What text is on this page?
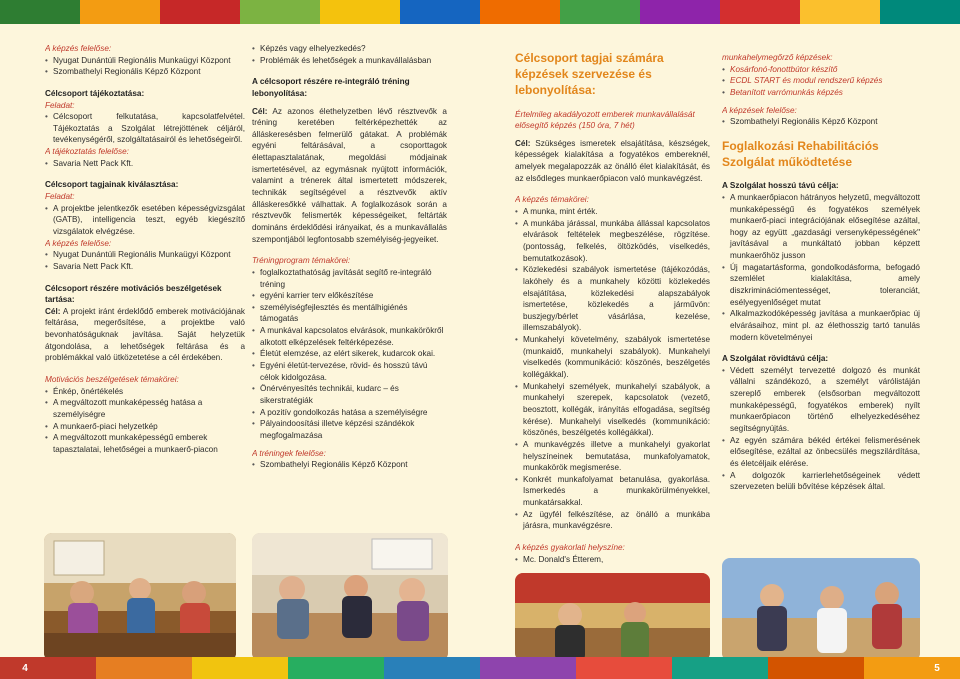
A képzés felelőse:
• Nyugat Dunántúli Regionális Munkaügyi Központ
• Szombathelyi Regionális Képző Központ
Célcsoport tájékoztatása:
Feladat:
• Célcsoport felkutatása, kapcsolatfelvétel. Tájékoztatás a Szolgálat létrejöttének céljáról, tevékenységéről, szolgáltatásairól és lehetőségeiről.
A tájékoztatás felelőse:
• Savaria Nett Pack Kft.
Célcsoport tagjainak kiválasztása:
Feladat:
• A projektbe jelentkezők esetében képességvizsgálat (GATB), intelligencia teszt, egyéb kiegészítő vizsgálatok elvégzése.
A képzés felelőse:
• Nyugat Dunántúli Regionális Munkaügyi Központ
• Savaria Nett Pack Kft.
Célcsoport részére motivációs beszélgetések tartása:

Cél: A projekt iránt érdeklődő emberek motivációjának feltárása, megerősítése, a projektbe való bevonhatóságuknak javítása. Saját helyzetük átgondolása, a lehetőségek feltárása és a problémákkal való ütközetetése a cél érdekében.

Motivációs beszélgetések témakörei:
• Énkép, önértékelés
• A megváltozott munkaképesség hatása a személyiségre
• A munkaerő-piaci helyzetkép
• A megváltozott munkaképességű emberek tapasztalatai, lehetőségei a munkaerő-piacon
• Képzés vagy elhelyezkedés?
• Problémák és lehetőségek a munkavállalásban
A célcsoport részére re-integráló tréning lebonyolítása:

Cél: Az azonos élethelyzetben lévő résztvevők a tréning keretében feltérképezhették az álláskeresésben felmerülő gátakat. A problémák egyéni feltárásával, a csoporttagok élettapasztalatának, megoldási módjainak ismertetésével, az egymásnak nyújtott információk, valamint a trénerek által ismertetett módszerek, technikák segítségével a résztvevők aktív álláskeresőkké válhattak. A foglalkozások során a résztvevők felismerték képességeiket, feltárták domináns érdeklődési irányaikat, és a munkavállalás szempontjából legfontosabb személyiség-jegyeiket.

Tréningprogram témakörei:
• foglalkoztathatóság javítását segítő re-integráló tréning
• egyéni karrier terv előkészítése
• személyiségfejlesztés és mentálhigiénés támogatás
• A munkával kapcsolatos elvárások, munkakörökről alkotott elképzelések feltérképezése.
• Életút elemzése, az elért sikerek, kudarcok okai.
• Egyéni életút-tervezése, rövid- és hosszú távú célok kidolgozása.
• Önérvényesítés technikái, kudarc – és sikerstratégiák
• A pozitív gondolkozás hatása a személyiségre
• Pályaindoosítási illetve képzési szándékok megfogalmazása
A tréningek felelőse:
• Szombathelyi Regionális Képző Központ
Célcsoport tagjai számára képzések szervezése és lebonyolítása:
Értelmileg akadályozott emberek munkavállalását elősegítő képzés (150 óra, 7 hét)

Cél: Szükséges ismeretek elsajátítása, készségek, képességek kialakítása a fogyatékos embereknél, amelyek megalapozzák az önálló élet kialakítását, és az elsődleges munkaerőpiacon való munkavégzést.

A képzés témakörei:
• A munka, mint érték.
• A munkába járással, munkába állással kapcsolatos elvárások feltételek megbeszélése, rögzítése.(pontosság, felkelés, öltözködés, viselkedés, bemutatkozások).
• Közlekedési szabályok ismertetése (tájékozódás, lakóhely és a munkahely közötti közlekedés elsajátítása, közlekedési alapszabályok ismertetése, közlekedés a járművön: buszjegy/bérlet vásárlása, kezelése, illemszabályok).
• Munkahelyi követelmény, szabályok ismertetése (munkaidő, munkahelyi szabályok). Munkahelyi viselkedés (kommunikáció: köszönés, beszélgetés kollégákkal).
• Munkahelyi személyek, munkahelyi szabályok, a munkahelyi szerepek, kapcsolatok (vezető, beosztott, kollégák, irányítás elfogadása, segítség kérése). Munkahelyi viselkedés (kommunikáció: köszönés, beszélgetés kollégákkal).
• A munkavégzés illetve a munkahelyi gyakorlat helyszíneinek bemutatása, munkafolyamatok, munkakörök megismerése.
• Konkrét munkafolyamat betanulása, gyakorlása. Ismerkedés a munkakörülményekkel, munkatársakkal.
• Az ügyfél felkészítése, az önálló a munkába járásra, munkavégzésre.
A képzés gyakorlati helyszíne:
• Mc. Donald's Étterem,
•
munkahelymegőrző képzések:
• Kosárfonó-fonottbútor készítő
• ECDL START és modul rendszerű képzés
• Betanított varrómunkás képzés
A képzések felelőse:
• Szombathelyi Regionális Képző Központ
Foglalkozási Rehabilitációs Szolgálat működtetése
A Szolgálat hosszú távú célja:
• A munkaerőpiacon hátrányos helyzetű, megváltozott munkaképességű és fogyatékos személyek munkaerő-piaci integrációjának elősegítése azáltal, hogy az együtt „gazdasági versenyképességének" javításával a munkáltató jobban képzett munkaerőhöz jusson
• Új magatartásforma, gondolkodásforma, befogadó szemlélet kialakítása, amely diszkriminációmentességet, toleranciát, esélyegyenlőséget mutat
• Alkalmazkodóképesség javítása a munkaerőpiac új elvárásaihoz, mint pl. az élethosszig tartó tanulás modern követelményei
A Szolgálat rövidtávú célja:
• Védett személyt tervezetté dolgozó és munkát vállalni szándékozó, a személyt várólistáján szereplő emberek (elsősorban megváltozott munkaképességű, fogyatékos emberek) nyílt munkaerőpiacon történő elhelyezkedéséhez segítségnyújtás.
• Az egyén számára békéd értékei felismerésének elősegítése, ezáltal az önbecsülés megszilárdítása, és életcéljaik elérése.
• A dolgozók karrierlehetőségeinek védett szervezeten belüli bővítése képzések által.
4	5
